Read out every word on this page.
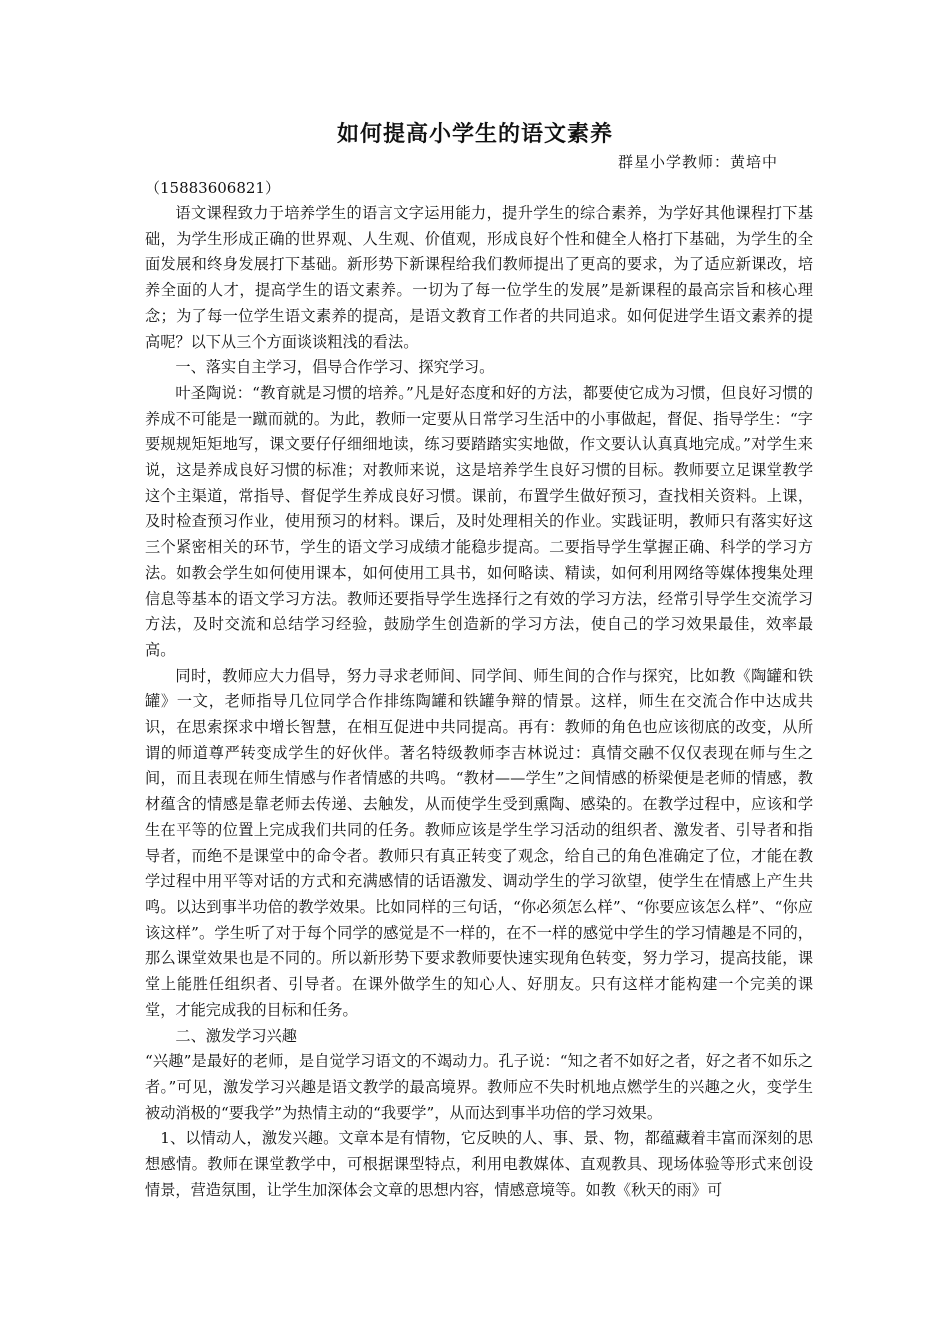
如何提高小学生的语文素养
群星小学教师：黄培中
（15883606821）

语文课程致力于培养学生的语言文字运用能力，提升学生的综合素养，为学好其他课程打下基础，为学生形成正确的世界观、人生观、价值观，形成良好个性和健全人格打下基础，为学生的全面发展和终身发展打下基础。新形势下新课程给我们教师提出了更高的要求，为了适应新课改，培养全面的人才，提高学生的语文素养。一切为了每一位学生的发展”是新课程的最高宗旨和核心理念；为了每一位学生语文素养的提高，是语文教育工作者的共同追求。如何促进学生语文素养的提高呢？以下从三个方面谈谈粗浅的看法。

一、落实自主学习，倡导合作学习、探究学习。

叶圣陶说：“教育就是习惯的培养。”凡是好态度和好的方法，都要使它成为习惯，但良好习惯的养成不可能是一蹴而就的。为此，教师一定要从日常学习生活中的小事做起，督促、指导学生：“字要规规矩矩地写，课文要仔仔细细地读，练习要踏踏实实地做，作文要认认真真地完成。”对学生来说，这是养成良好习惯的标准；对教师来说，这是培养学生良好习惯的目标。教师要立足课堂教学这个主渠道，常指导、督促学生养成良好习惯。课前，布置学生做好预习，查找相关资料。上课，及时检查预习作业，使用预习的材料。课后，及时处理相关的作业。实践证明，教师只有落实好这三个紧密相关的环节，学生的语文学习成绩才能稳步提高。二要指导学生掌握正确、科学的学习方法。如教会学生如何使用课本，如何使用工具书，如何略读、精读，如何利用网络等媒体搜集处理信息等基本的语文学习方法。教师还要指导学生选择行之有效的学习方法，经常引导学生交流学习方法，及时交流和总结学习经验，鼓励学生创造新的学习方法，使自己的学习效果最佳，效率最高。

同时，教师应大力倡导，努力寻求老师间、同学间、师生间的合作与探究，比如教《陶罐和铁罐》一文，老师指导几位同学合作排练陶罐和铁罐争辩的情景。这样，师生在交流合作中达成共识，在思索探求中增长智慧，在相互促进中共同提高。再有：教师的角色也应该彻底的改变，从所谓的师道尊严转变成学生的好伙伴。著名特级教师李吉林说过：真情交融不仅仅表现在师与生之间，而且表现在师生情感与作者情感的共鸣。“教材——学生”之间情感的桥梁便是老师的情感，教材蕴含的情感是靠老师去传递、去触发，从而使学生受到熏陶、感染的。在教学过程中，应该和学生在平等的位置上完成我们共同的任务。教师应该是学生学习活动的组织者、激发者、引导者和指导者，而绝不是课堂中的命令者。教师只有真正转变了观念，给自己的角色准确定了位，才能在教学过程中用平等对话的方式和充满感情的话语激发、调动学生的学习欲望，使学生在情感上产生共鸣。以达到事半功倍的教学效果。比如同样的三句话，“你必须怎么样”、“你要应该怎么样”、“你应该这样”。学生听了对于每个同学的感觉是不一样的，在不一样的感觉中学生的学习情趣是不同的，那么课堂效果也是不同的。所以新形势下要求教师要快速实现角色转变，努力学习，提高技能，课堂上能胜任组织者、引导者。在课外做学生的知心人、好朋友。只有这样才能构建一个完美的课堂，才能完成我的目标和任务。

二、激发学习兴趣

“兴趣”是最好的老师，是自觉学习语文的不竭动力。孔子说：“知之者不如好之者，好之者不如乐之者。”可见，激发学习兴趣是语文教学的最高境界。教师应不失时机地点燃学生的兴趣之火，变学生被动消极的“要我学”为热情主动的“我要学”，从而达到事半功倍的学习效果。

1、以情动人，激发兴趣。文章本是有情物，它反映的人、事、景、物，都蕴藏着丰富而深刻的思想感情。教师在课堂教学中，可根据课型特点，利用电教媒体、直观教具、现场体验等形式来创设情景，营造氛围，让学生加深体会文章的思想内容，情感意境等。如教《秋天的雨》可
